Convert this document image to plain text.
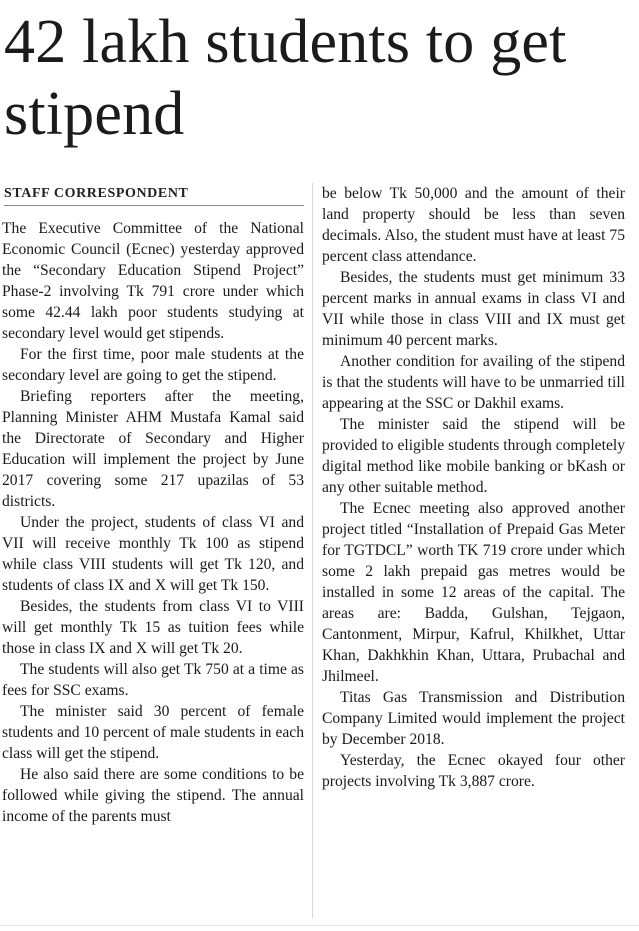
42 lakh students to get stipend
STAFF CORRESPONDENT

The Executive Committee of the National Economic Council (Ecnec) yesterday approved the “Secondary Education Stipend Project” Phase-2 involving Tk 791 crore under which some 42.44 lakh poor students studying at secondary level would get stipends.

For the first time, poor male students at the secondary level are going to get the stipend.

Briefing reporters after the meeting, Planning Minister AHM Mustafa Kamal said the Directorate of Secondary and Higher Education will implement the project by June 2017 covering some 217 upazilas of 53 districts.

Under the project, students of class VI and VII will receive monthly Tk 100 as stipend while class VIII students will get Tk 120, and students of class IX and X will get Tk 150.

Besides, the students from class VI to VIII will get monthly Tk 15 as tuition fees while those in class IX and X will get Tk 20.

The students will also get Tk 750 at a time as fees for SSC exams.

The minister said 30 percent of female students and 10 percent of male students in each class will get the stipend.

He also said there are some conditions to be followed while giving the stipend. The annual income of the parents must

be below Tk 50,000 and the amount of their land property should be less than seven decimals. Also, the student must have at least 75 percent class attendance.

Besides, the students must get minimum 33 percent marks in annual exams in class VI and VII while those in class VIII and IX must get minimum 40 percent marks.

Another condition for availing of the stipend is that the students will have to be unmarried till appearing at the SSC or Dakhil exams.

The minister said the stipend will be provided to eligible students through completely digital method like mobile banking or bKash or any other suitable method.

The Ecnec meeting also approved another project titled “Installation of Prepaid Gas Meter for TGTDCL” worth TK 719 crore under which some 2 lakh prepaid gas metres would be installed in some 12 areas of the capital. The areas are: Badda, Gulshan, Tejgaon, Cantonment, Mirpur, Kafrul, Khilkhet, Uttar Khan, Dakhkhin Khan, Uttara, Prubachal and Jhilmeel.

Titas Gas Transmission and Distribution Company Limited would implement the project by December 2018.

Yesterday, the Ecnec okayed four other projects involving Tk 3,887 crore.
